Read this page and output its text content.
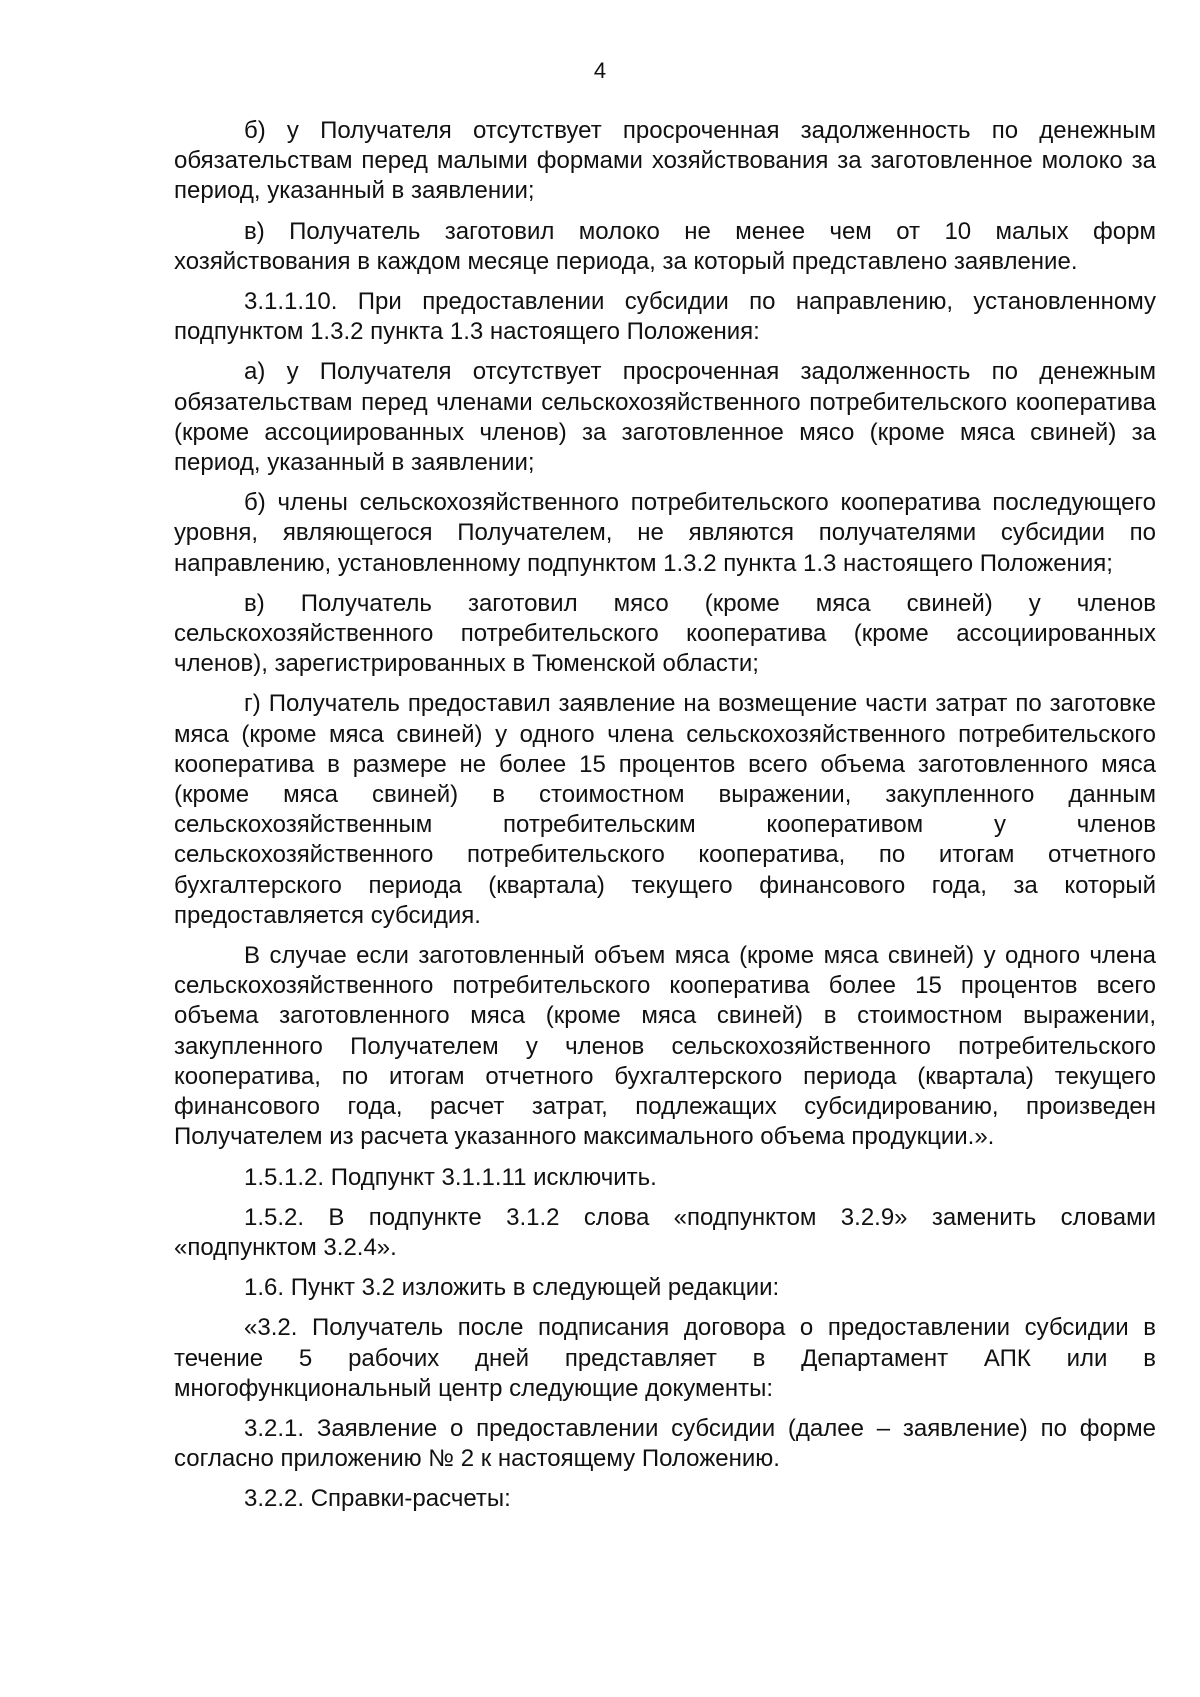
4

б) у Получателя отсутствует просроченная задолженность по денежным обязательствам перед малыми формами хозяйствования за заготовленное молоко за период, указанный в заявлении;

в) Получатель заготовил молоко не менее чем от 10 малых форм хозяйствования в каждом месяце периода, за который представлено заявление.

3.1.1.10. При предоставлении субсидии по направлению, установленному подпунктом 1.3.2 пункта 1.3 настоящего Положения:

а) у Получателя отсутствует просроченная задолженность по денежным обязательствам перед членами сельскохозяйственного потребительского кооператива (кроме ассоциированных членов) за заготовленное мясо (кроме мяса свиней) за период, указанный в заявлении;

б) члены сельскохозяйственного потребительского кооператива последующего уровня, являющегося Получателем, не являются получателями субсидии по направлению, установленному подпунктом 1.3.2 пункта 1.3 настоящего Положения;

в) Получатель заготовил мясо (кроме мяса свиней) у членов сельскохозяйственного потребительского кооператива (кроме ассоциированных членов), зарегистрированных в Тюменской области;

г) Получатель предоставил заявление на возмещение части затрат по заготовке мяса (кроме мяса свиней) у одного члена сельскохозяйственного потребительского кооператива в размере не более 15 процентов всего объема заготовленного мяса (кроме мяса свиней) в стоимостном выражении, закупленного данным сельскохозяйственным потребительским кооперативом у членов сельскохозяйственного потребительского кооператива, по итогам отчетного бухгалтерского периода (квартала) текущего финансового года, за который предоставляется субсидия.

В случае если заготовленный объем мяса (кроме мяса свиней) у одного члена сельскохозяйственного потребительского кооператива более 15 процентов всего объема заготовленного мяса (кроме мяса свиней) в стоимостном выражении, закупленного Получателем у членов сельскохозяйственного потребительского кооператива, по итогам отчетного бухгалтерского периода (квартала) текущего финансового года, расчет затрат, подлежащих субсидированию, произведен Получателем из расчета указанного максимального объема продукции.».

1.5.1.2. Подпункт 3.1.1.11 исключить.

1.5.2. В подпункте 3.1.2 слова «подпунктом 3.2.9» заменить словами «подпунктом 3.2.4».

1.6. Пункт 3.2 изложить в следующей редакции:

«3.2. Получатель после подписания договора о предоставлении субсидии в течение 5 рабочих дней представляет в Департамент АПК или в многофункциональный центр следующие документы:

3.2.1. Заявление о предоставлении субсидии (далее – заявление) по форме согласно приложению № 2 к настоящему Положению.

3.2.2. Справки-расчеты:
